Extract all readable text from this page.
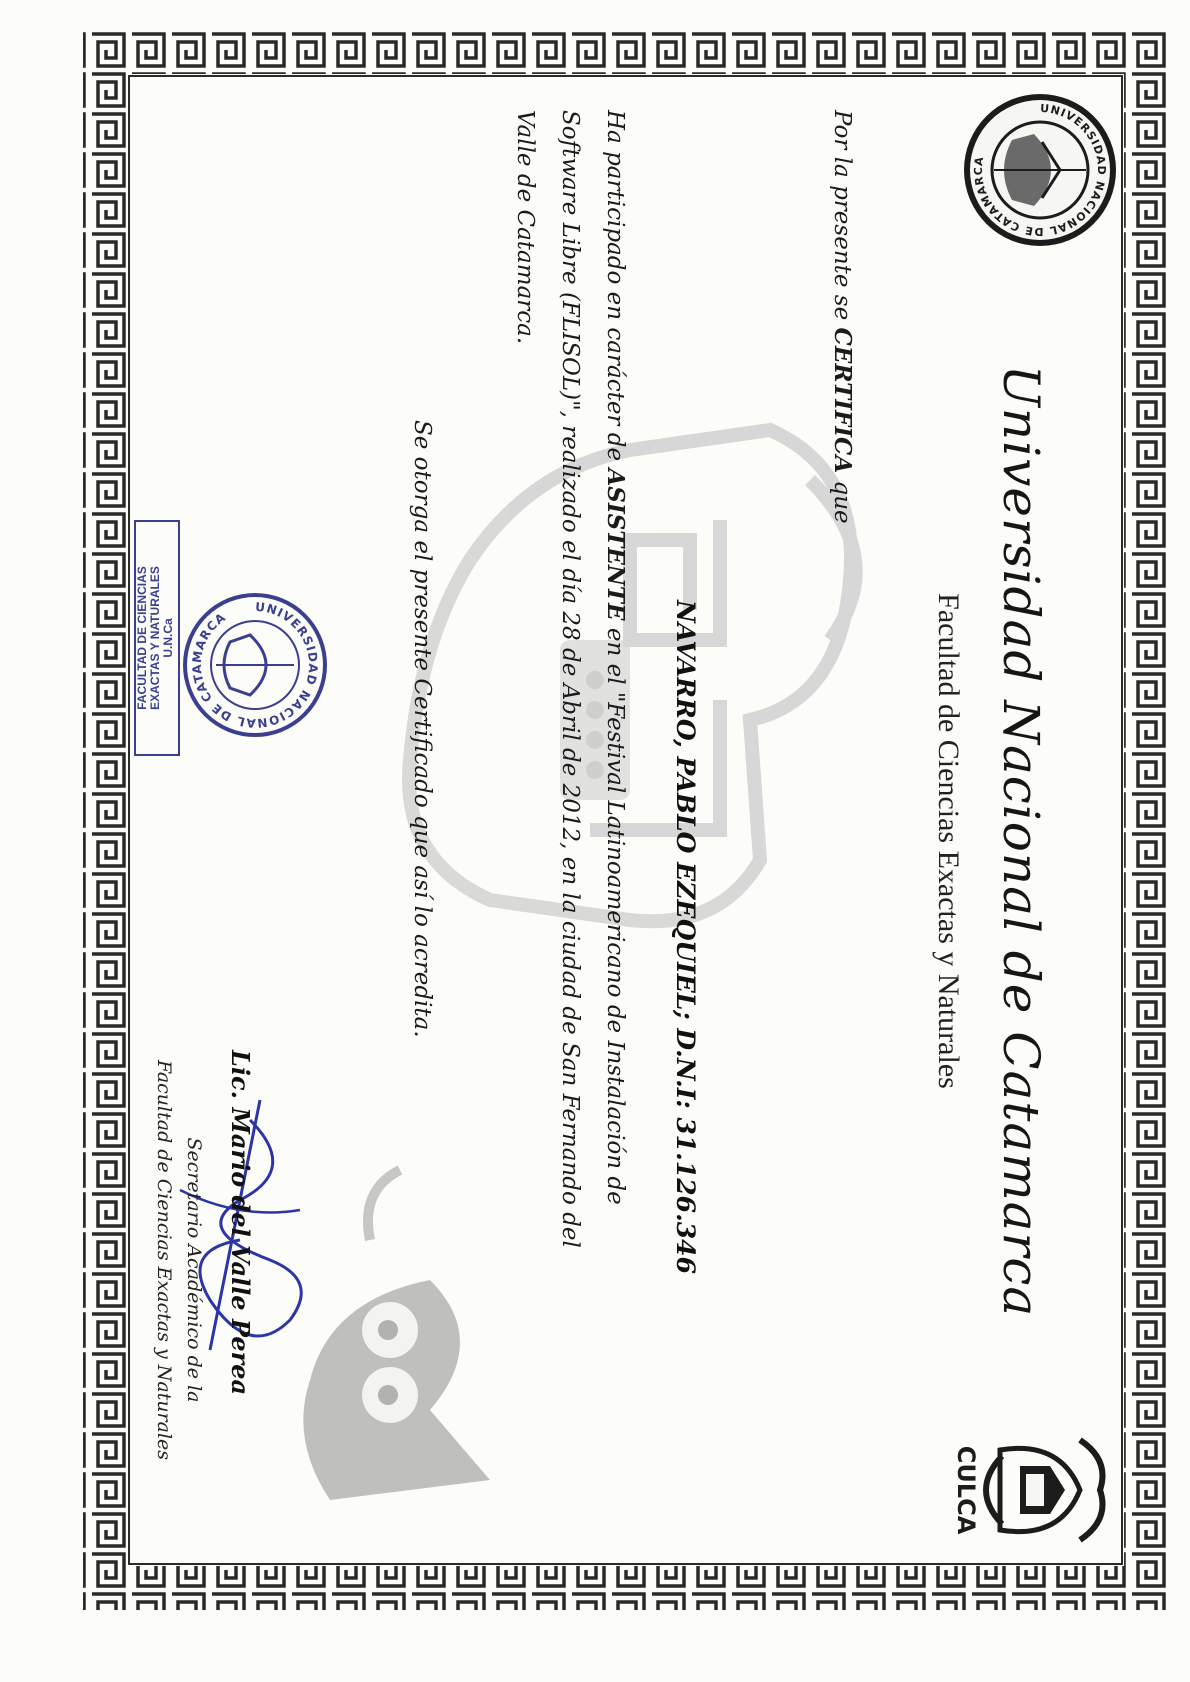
UNIVERSIDAD NACIONAL DE CATAMARCA
CULCA
Universidad Nacional de Catamarca
Facultad de Ciencias Exactas y Naturales
Por la presente se CERTIFICA que
NAVARRO, PABLO EZEQUIEL; D.N.I: 31.126.346
Ha participado en carácter de ASISTENTE en el "Festival Latinoamericano de Instalación de
Software Libre (FLISOL)", realizado el día 28 de Abril de 2012, en la ciudad de San Fernando del
Valle de Catamarca.
Se otorga el presente Certificado que así lo acredita.
UNIVERSIDAD NACIONAL DE CATAMARCA
FACULTAD DE CIENCIAS EXACTAS Y NATURALES U.N.Ca
Lic. Mario del Valle Perea
Secretario Académico de la
Facultad de Ciencias Exactas y Naturales
